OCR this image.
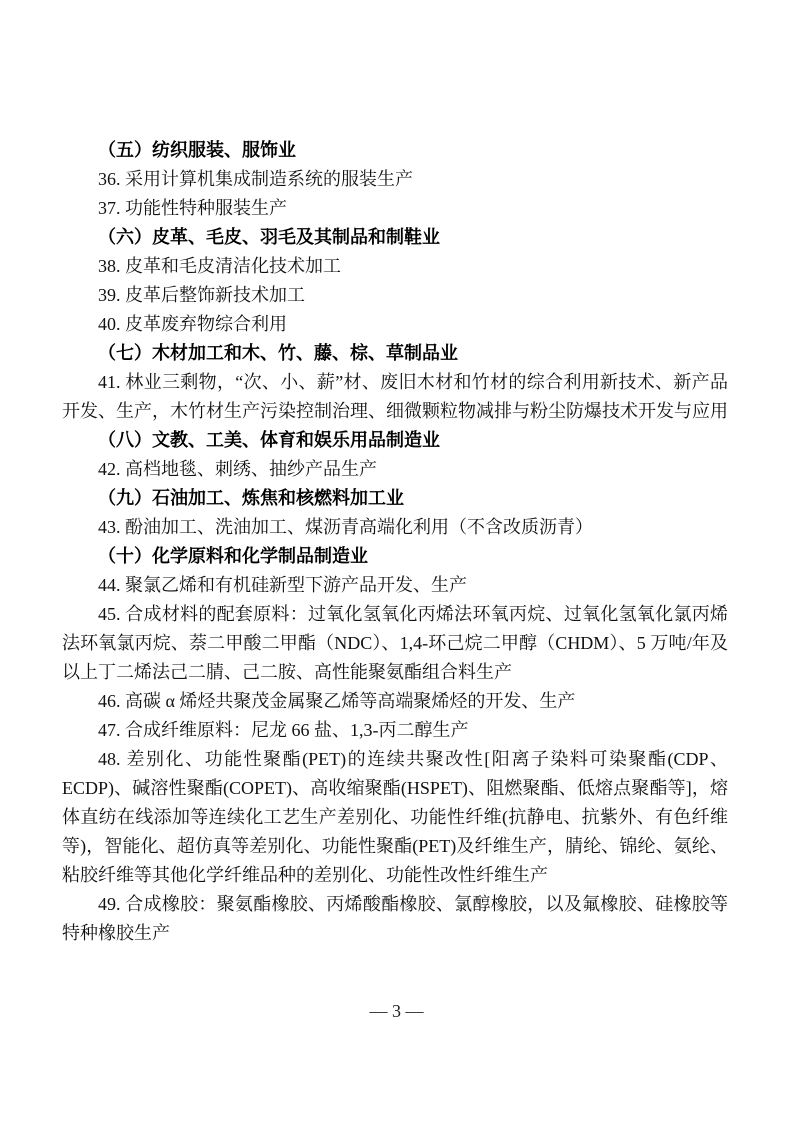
（五）纺织服装、服饰业

36. 采用计算机集成制造系统的服装生产

37. 功能性特种服装生产

（六）皮革、毛皮、羽毛及其制品和制鞋业

38. 皮革和毛皮清洁化技术加工

39. 皮革后整饰新技术加工

40. 皮革废弃物综合利用

（七）木材加工和木、竹、藤、棕、草制品业

41. 林业三剩物，“次、小、薪”材、废旧木材和竹材的综合利用新技术、新产品开发、生产，木竹材生产污染控制治理、细微颗粒物减排与粉尘防爆技术开发与应用

（八）文教、工美、体育和娱乐用品制造业

42. 高档地毯、刺绣、抽纱产品生产

（九）石油加工、炼焦和核燃料加工业

43. 酚油加工、洗油加工、煤沥青高端化利用（不含改质沥青）

（十）化学原料和化学制品制造业

44. 聚氯乙烯和有机硅新型下游产品开发、生产

45. 合成材料的配套原料：过氧化氢氧化丙烯法环氧丙烷、过氧化氢氧化氯丙烯法环氧氯丙烷、萘二甲酸二甲酯（NDC）、1,4-环己烷二甲醇（CHDM）、5 万吨/年及以上丁二烯法己二腈、己二胺、高性能聚氨酯组合料生产

46. 高碳 α 烯烃共聚茂金属聚乙烯等高端聚烯烃的开发、生产

47. 合成纤维原料：尼龙 66 盐、1,3-丙二醇生产

48. 差别化、功能性聚酯(PET)的连续共聚改性[阳离子染料可染聚酯(CDP、ECDP)、碱溶性聚酯(COPET)、高收缩聚酯(HSPET)、阻燃聚酯、低熔点聚酯等]，熔体直纺在线添加等连续化工艺生产差别化、功能性纤维(抗静电、抗紫外、有色纤维等)，智能化、超仿真等差别化、功能性聚酯(PET)及纤维生产，腈纶、锦纶、氨纶、粘胶纤维等其他化学纤维品种的差别化、功能性改性纤维生产

49. 合成橡胶：聚氨酯橡胶、丙烯酸酯橡胶、氯醇橡胶，以及氟橡胶、硅橡胶等特种橡胶生产

— 3 —
